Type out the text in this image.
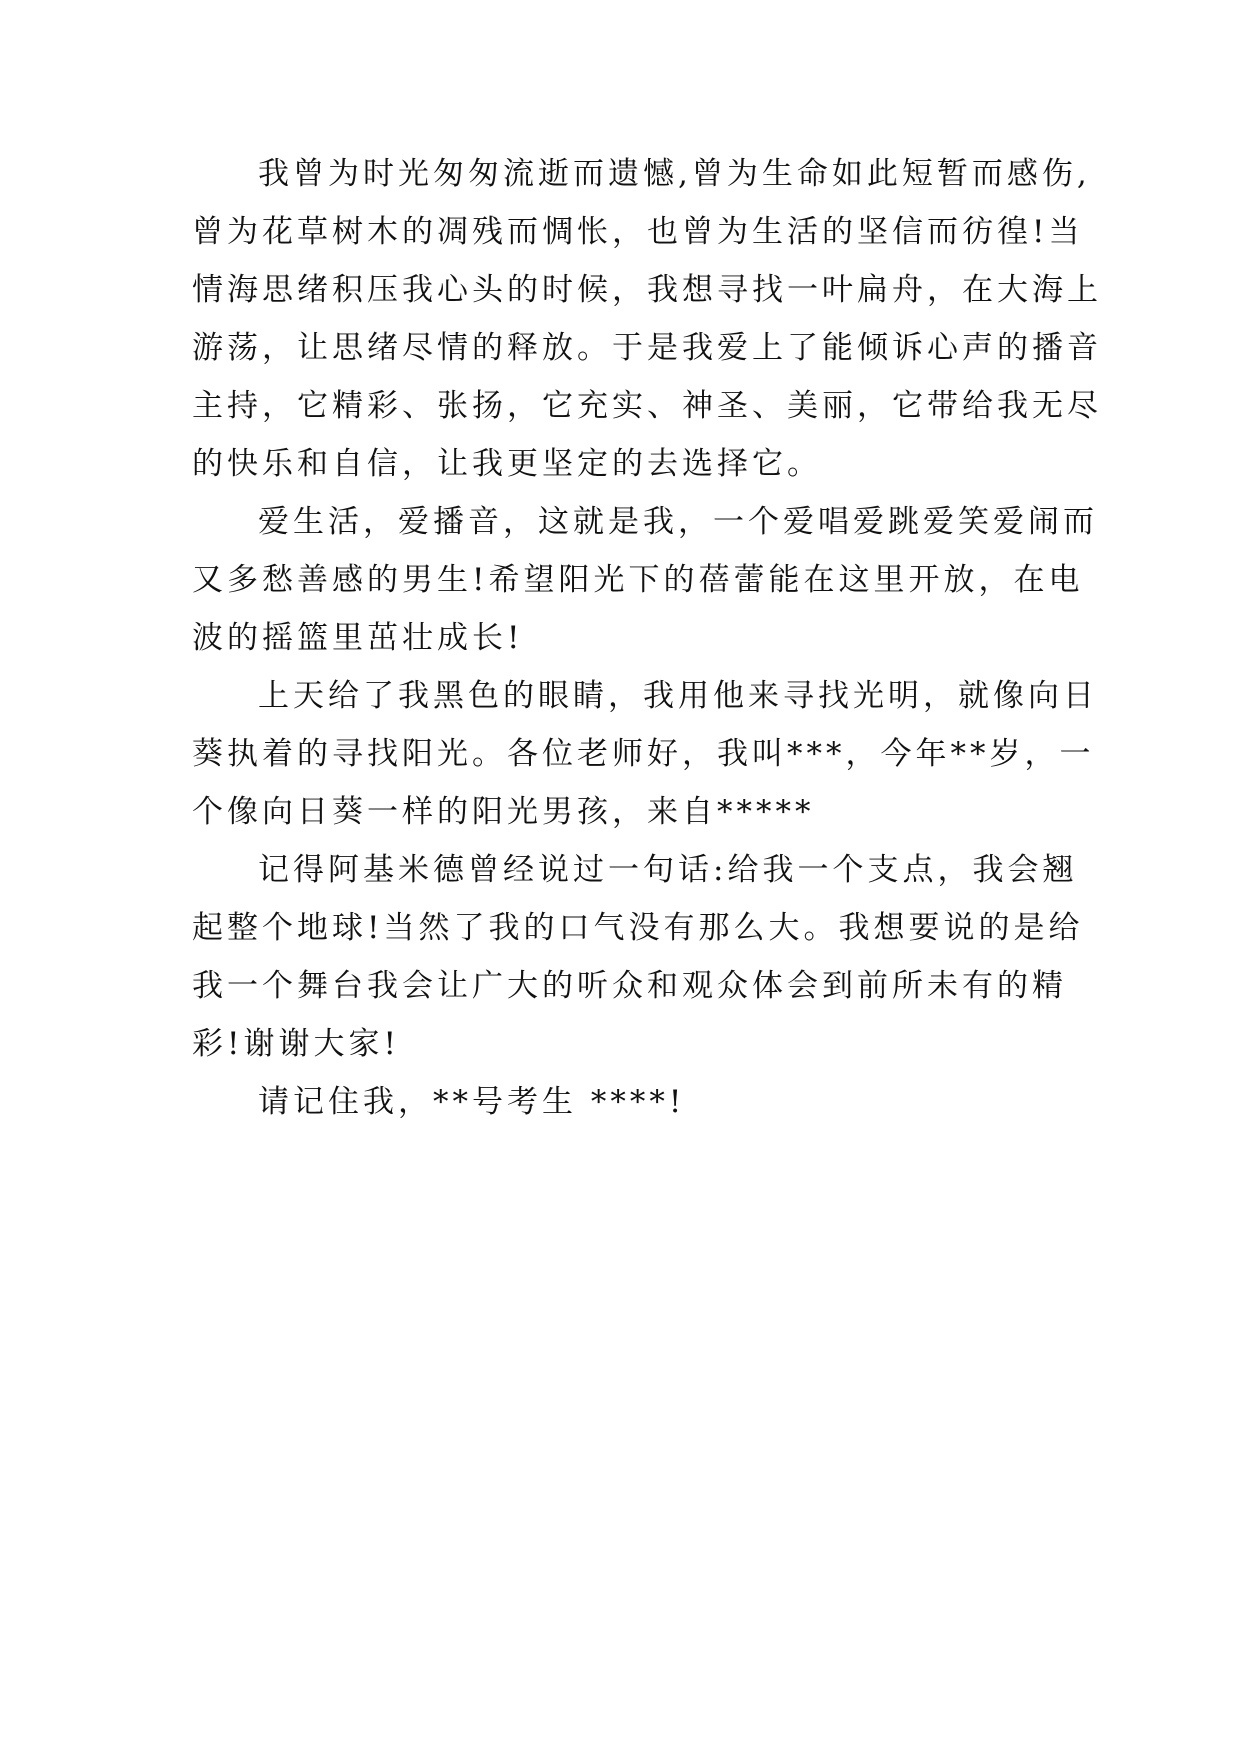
我曾为时光匆匆流逝而遗憾,曾为生命如此短暂而感伤,
曾为花草树木的凋残而惆怅，也曾为生活的坚信而彷徨!当
情海思绪积压我心头的时候，我想寻找一叶扁舟，在大海上
游荡，让思绪尽情的释放。于是我爱上了能倾诉心声的播音
主持，它精彩、张扬，它充实、神圣、美丽，它带给我无尽
的快乐和自信，让我更坚定的去选择它。
爱生活，爱播音，这就是我，一个爱唱爱跳爱笑爱闹而
又多愁善感的男生!希望阳光下的蓓蕾能在这里开放，在电
波的摇篮里茁壮成长!
上天给了我黑色的眼睛，我用他来寻找光明，就像向日
葵执着的寻找阳光。各位老师好，我叫***，今年**岁，一
个像向日葵一样的阳光男孩，来自*****
记得阿基米德曾经说过一句话:给我一个支点，我会翘
起整个地球!当然了我的口气没有那么大。我想要说的是给
我一个舞台我会让广大的听众和观众体会到前所未有的精
彩!谢谢大家!
请记住我，**号考生 ****!
